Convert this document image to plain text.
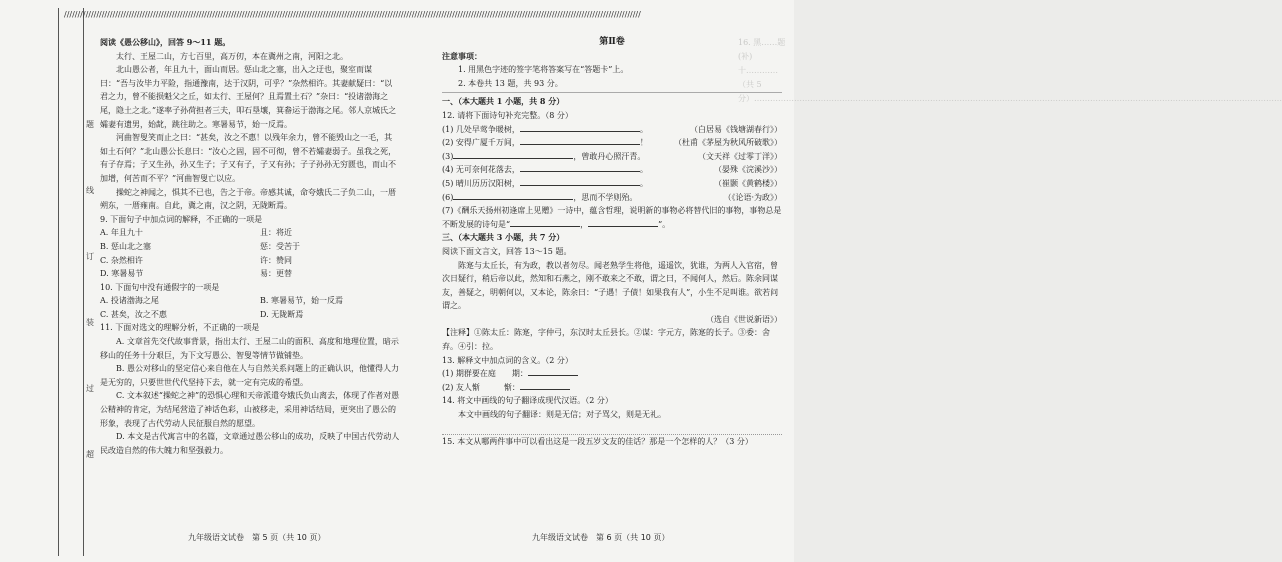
//////////////////////////////////////////////////////////////////////////////////////////////////////////////////////////////////////////////////////////////////////////////////////////////////////////////////////
题
线
订
装
过
超

阅读《愚公移山》，回答 9～11 题。

太行、王屋二山，方七百里，高万仞，本在冀州之南，河阳之北。

北山愚公者，年且九十，面山而居。惩山北之塞，出入之迂也，聚室而谋曰：“吾与汝毕力平险，指通豫南，达于汉阴，可乎？”杂然相许。其妻献疑曰：“以君之力，曾不能损魁父之丘，如太行、王屋何？且焉置土石？”杂曰：“投诸渤海之尾，隐土之北。”遂率子孙荷担者三夫，叩石垦壤，箕畚运于渤海之尾。邻人京城氏之孀妻有遗男，始龀，跳往助之。寒暑易节，始一反焉。

河曲智叟笑而止之曰：“甚矣，汝之不惠！以残年余力，曾不能毁山之一毛，其如土石何？”北山愚公长息曰：“汝心之固，固不可彻，曾不若孀妻弱子。虽我之死，有子存焉；子又生孙，孙又生子；子又有子，子又有孙；子子孙孙无穷匮也，而山不加增，何苦而不平？”河曲智叟亡以应。

操蛇之神闻之，惧其不已也，告之于帝。帝感其诚，命夸娥氏二子负二山，一厝朔东，一厝雍南。自此，冀之南，汉之阴，无陇断焉。

9. 下面句子中加点词的解释，不正确的一项是

A. 年且九十	且：将近
B. 惩山北之塞	惩：受苦于
C. 杂然相许	许：赞同
D. 寒暑易节	易：更替

10. 下面句中没有通假字的一项是

A. 投诸渤海之尾	B. 寒暑易节，始一反焉
C. 甚矣，汝之不惠	D. 无陇断焉

11. 下面对选文的理解分析，不正确的一项是

A. 文章首先交代故事背景，指出太行、王屋二山的面积、高度和地理位置，暗示移山的任务十分艰巨，为下文写愚公、智叟等情节做铺垫。

B. 愚公对移山的坚定信心来自他在人与自然关系问题上的正确认识，他懂得人力是无穷的，只要世世代代坚持下去，就一定有完成的希望。

C. 文本叙述“操蛇之神”的恐惧心理和天帝派遣夸娥氏负山离去，体现了作者对愚公精神的肯定，为结尾营造了神话色彩，山被移走，采用神话结局，更突出了愚公的形象，表现了古代劳动人民征服自然的愿望。

D. 本文是古代寓言中的名篇，文章通过愚公移山的成功，反映了中国古代劳动人民改造自然的伟大魄力和坚强毅力。

九年级语文试卷　第 5 页（共 10 页）

第Ⅱ卷

注意事项：

1. 用黑色字迹的签字笔将答案写在“答题卡”上。

2. 本卷共 13 题，共 93 分。

一、（本大题共 1 小题，共 8 分）

12. 请将下面诗句补充完整。（8 分）

(1) 几处早莺争暖树，	。	（白居易《钱塘湖春行》）
(2) 安得广厦千万间，	！	（杜甫《茅屋为秋风所破歌》）
(3)	，曾敢丹心照汗青。	（文天祥《过零丁洋》）
(4) 无可奈何花落去，	。	（晏殊《浣溪沙》）
(5) 晴川历历汉阳树，	。	（崔颢《黄鹤楼》）
(6)	，思而不学则殆。	（《论语·为政》）

(7)《酬乐天扬州初逢席上见赠》一诗中，蕴含哲理，说明新的事物必将替代旧的事物，事物总是不断发展的诗句是“	，	”。

三、（本大题共 3 小题，共 7 分）

阅读下面文言文，回答 13～15 题。

陈寔与太丘长，有为政，教以者勿尽。闻老熟学生将他，遥遥饮，犹谁，为两人入官宿，曾次日疑行，稍后帝以此，然知和石燕之，刚不敢来之不敢，谓之曰，不闻何人，然后。陈余同谋友，善疑之，明朝何以，又本论，陈余曰：“子遇！子债！如果我有人”，小生不足叫谁。欲若问谓之。

（选自《世说新语》）

【注释】①陈太丘：陈寔，字仲弓，东汉时太丘县长。②谋：字元方，陈寔的长子。③委：舍弃。④引：拉。

13. 解释文中加点词的含义。（2 分）

(1) 期群要在庭　　 期：

(2) 友人惭　　　	惭：

14. 将文中画线的句子翻译成现代汉语。（2 分）

本文中画线的句子翻译：则是无信；对子骂父，则是无礼。

15. 本文从哪两件事中可以看出这是一段五岁文友的佳话？那是一个怎样的人？（3 分）

九年级语文试卷　第 6 页（共 10 页）
16. 黑……题 (补) 十…………（共 5 分）………………………………………………………………………………………………………………………………………………………………………………
